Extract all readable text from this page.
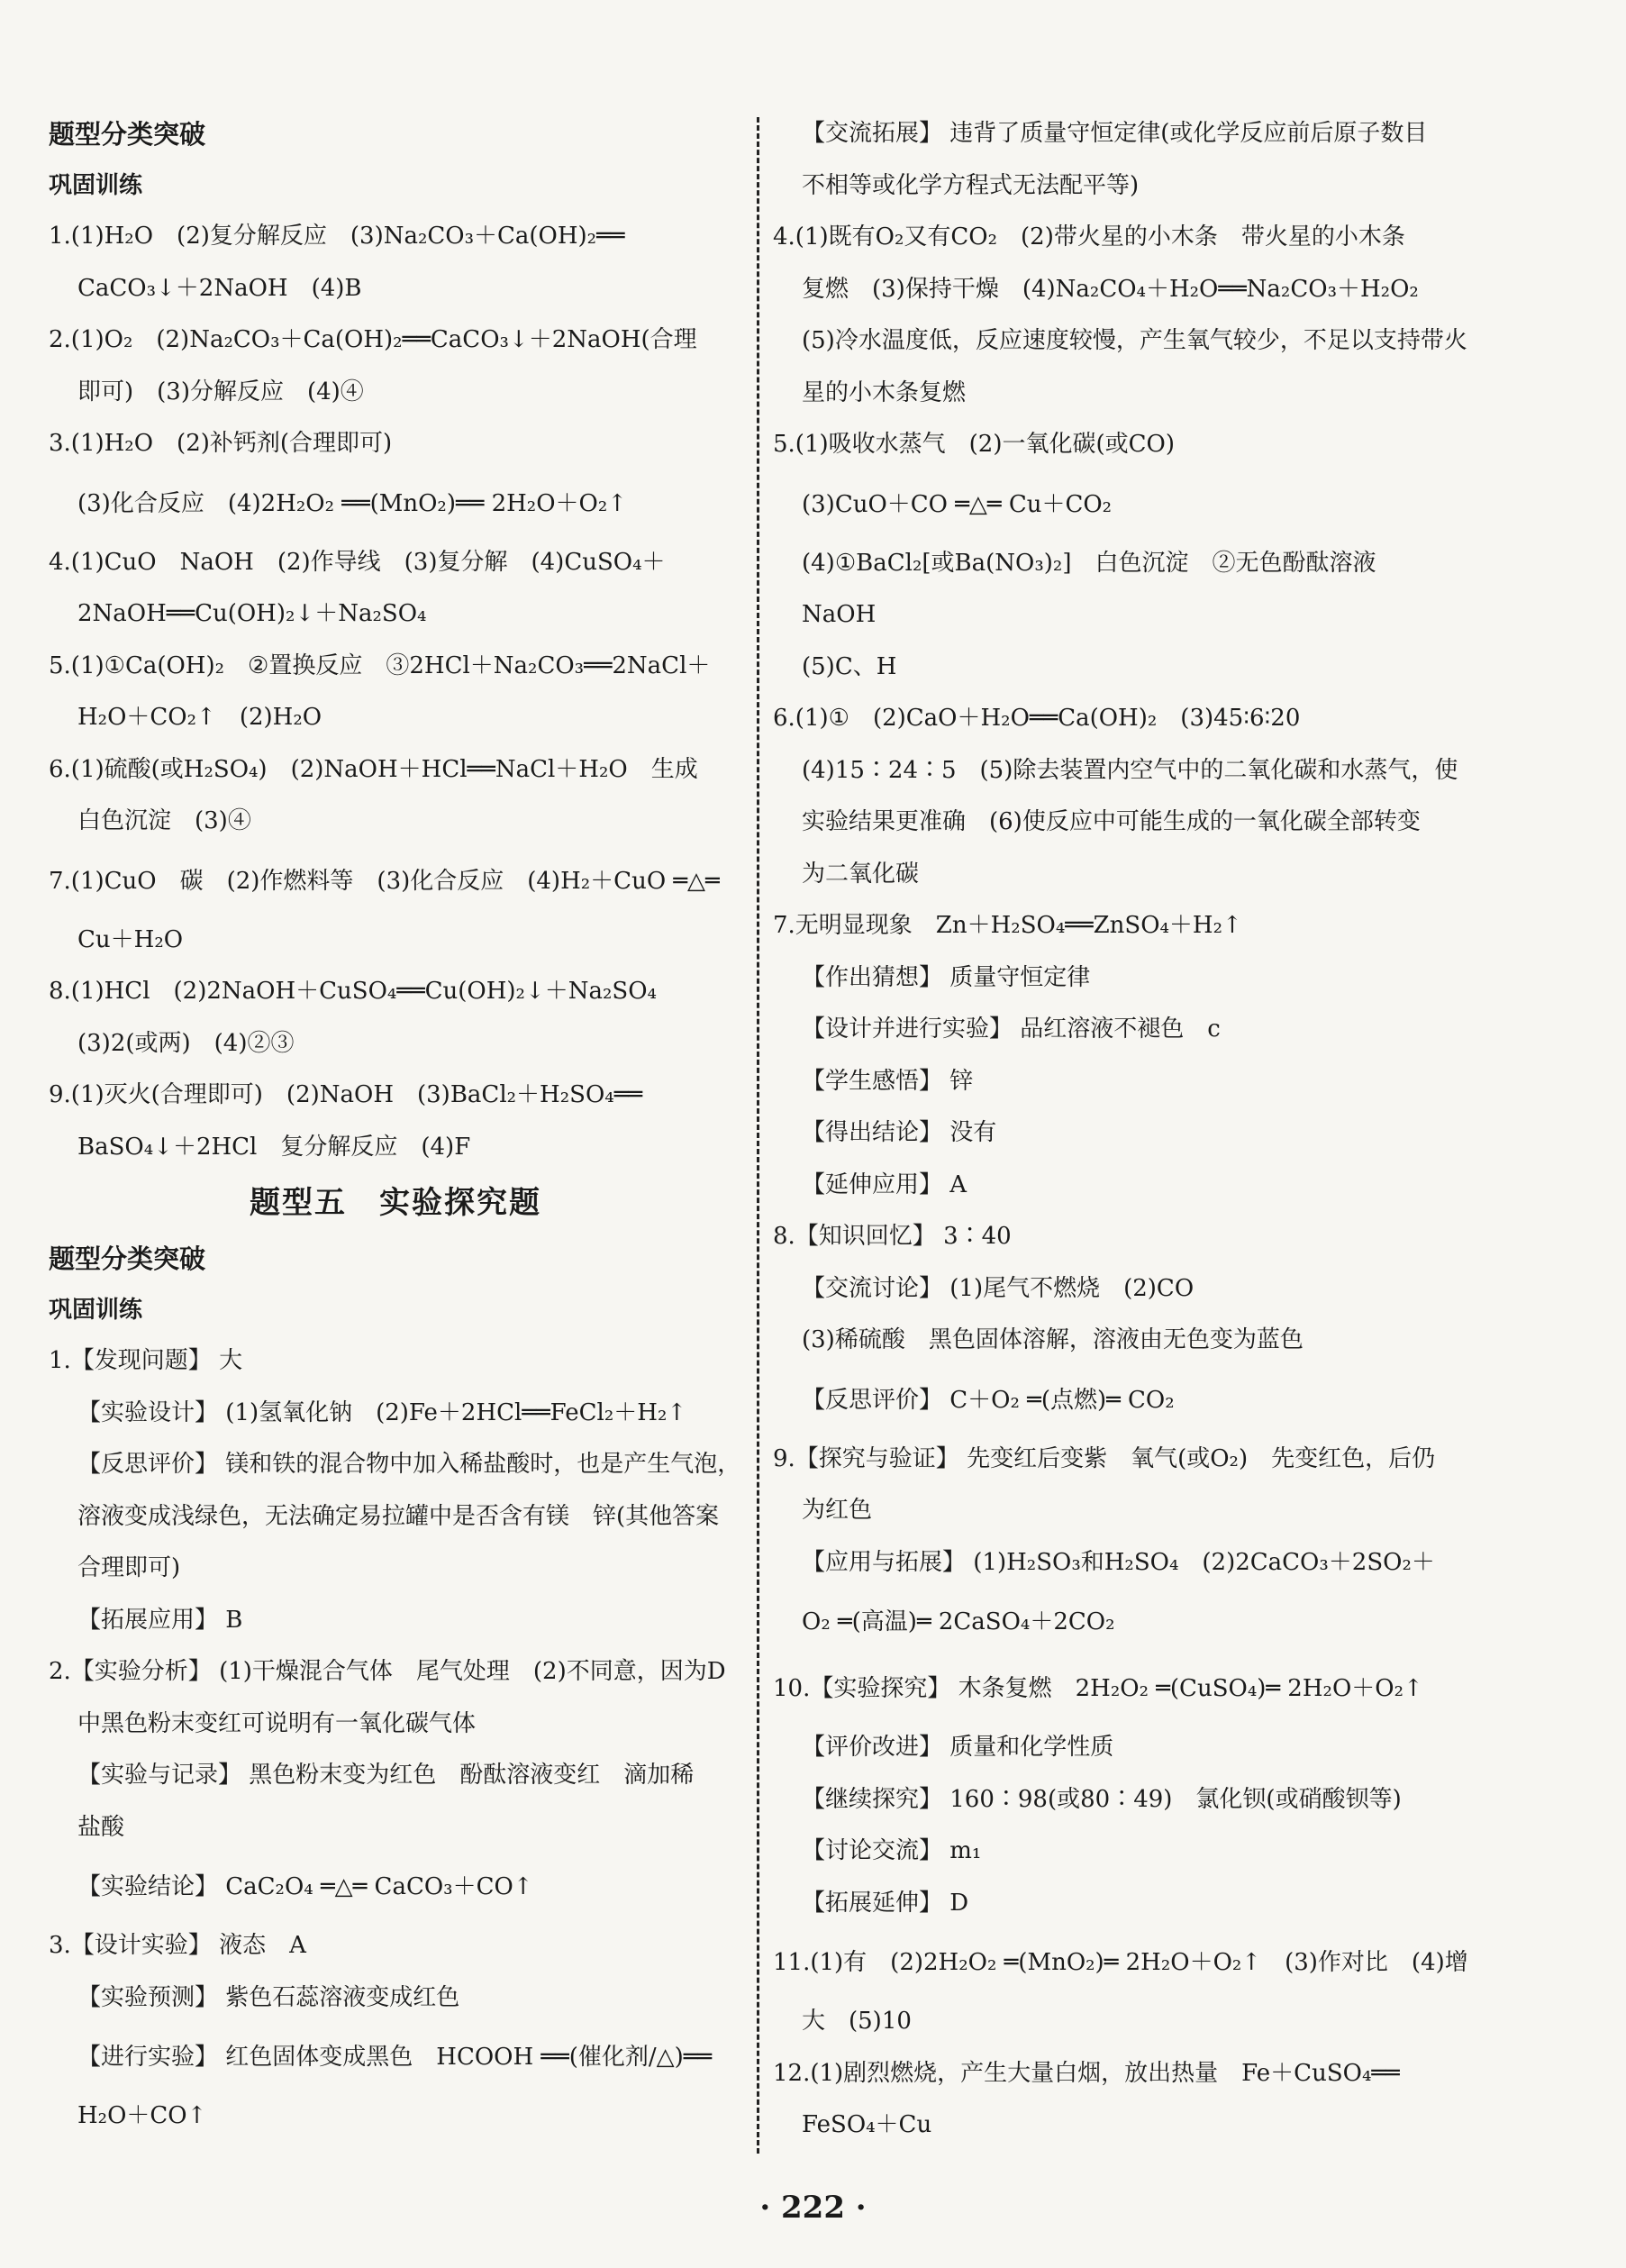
题型分类突破
巩固训练
1.(1)H₂O　(2)复分解反应　(3)Na₂CO₃＋Ca(OH)₂══
CaCO₃↓＋2NaOH　(4)B
2.(1)O₂　(2)Na₂CO₃＋Ca(OH)₂══CaCO₃↓＋2NaOH(合理
即可)　(3)分解反应　(4)④
3.(1)H₂O　(2)补钙剂(合理即可)
(3)化合反应　(4)2H₂O₂ ══(MnO₂)══ 2H₂O＋O₂↑
4.(1)CuO　NaOH　(2)作导线　(3)复分解　(4)CuSO₄＋
2NaOH══Cu(OH)₂↓＋Na₂SO₄
5.(1)①Ca(OH)₂　②置换反应　③2HCl＋Na₂CO₃══2NaCl＋
H₂O＋CO₂↑　(2)H₂O
6.(1)硫酸(或H₂SO₄)　(2)NaOH＋HCl══NaCl＋H₂O　生成
白色沉淀　(3)④
7.(1)CuO　碳　(2)作燃料等　(3)化合反应　(4)H₂＋CuO ═△═
Cu＋H₂O
8.(1)HCl　(2)2NaOH＋CuSO₄══Cu(OH)₂↓＋Na₂SO₄
(3)2(或两)　(4)②③
9.(1)灭火(合理即可)　(2)NaOH　(3)BaCl₂＋H₂SO₄══
BaSO₄↓＋2HCl　复分解反应　(4)F
题型五　实验探究题
题型分类突破
巩固训练
1.【发现问题】 大
【实验设计】 (1)氢氧化钠　(2)Fe＋2HCl══FeCl₂＋H₂↑
【反思评价】 镁和铁的混合物中加入稀盐酸时，也是产生气泡，
溶液变成浅绿色，无法确定易拉罐中是否含有镁　锌(其他答案
合理即可)
【拓展应用】 B
2.【实验分析】 (1)干燥混合气体　尾气处理　(2)不同意，因为D
中黑色粉末变红可说明有一氧化碳气体
【实验与记录】 黑色粉末变为红色　酚酞溶液变红　滴加稀
盐酸
【实验结论】 CaC₂O₄ ═△═ CaCO₃＋CO↑
3.【设计实验】 液态　A
【实验预测】 紫色石蕊溶液变成红色
【进行实验】 红色固体变成黑色　HCOOH ══(催化剂/△)══
H₂O＋CO↑
【交流拓展】 违背了质量守恒定律(或化学反应前后原子数目
不相等或化学方程式无法配平等)
4.(1)既有O₂又有CO₂　(2)带火星的小木条　带火星的小木条
复燃　(3)保持干燥　(4)Na₂CO₄＋H₂O══Na₂CO₃＋H₂O₂
(5)冷水温度低，反应速度较慢，产生氧气较少，不足以支持带火
星的小木条复燃
5.(1)吸收水蒸气　(2)一氧化碳(或CO)
(3)CuO＋CO ═△═ Cu＋CO₂
(4)①BaCl₂[或Ba(NO₃)₂]　白色沉淀　②无色酚酞溶液
NaOH
(5)C、H
6.(1)①　(2)CaO＋H₂O══Ca(OH)₂　(3)45∶6∶20
(4)15∶24∶5　(5)除去装置内空气中的二氧化碳和水蒸气，使
实验结果更准确　(6)使反应中可能生成的一氧化碳全部转变
为二氧化碳
7.无明显现象　Zn＋H₂SO₄══ZnSO₄＋H₂↑
【作出猜想】 质量守恒定律
【设计并进行实验】 品红溶液不褪色　c
【学生感悟】 锌
【得出结论】 没有
【延伸应用】 A
8.【知识回忆】 3∶40
【交流讨论】 (1)尾气不燃烧　(2)CO
(3)稀硫酸　黑色固体溶解，溶液由无色变为蓝色
【反思评价】 C＋O₂ ═(点燃)═ CO₂
9.【探究与验证】 先变红后变紫　氧气(或O₂)　先变红色，后仍
为红色
【应用与拓展】 (1)H₂SO₃和H₂SO₄　(2)2CaCO₃＋2SO₂＋
O₂ ═(高温)═ 2CaSO₄＋2CO₂
10.【实验探究】 木条复燃　2H₂O₂ ═(CuSO₄)═ 2H₂O＋O₂↑
【评价改进】 质量和化学性质
【继续探究】 160∶98(或80∶49)　氯化钡(或硝酸钡等)
【讨论交流】 m₁
【拓展延伸】 D
11.(1)有　(2)2H₂O₂ ═(MnO₂)═ 2H₂O＋O₂↑　(3)作对比　(4)增
大　(5)10
12.(1)剧烈燃烧，产生大量白烟，放出热量　Fe＋CuSO₄══
FeSO₄＋Cu
· 222 ·
